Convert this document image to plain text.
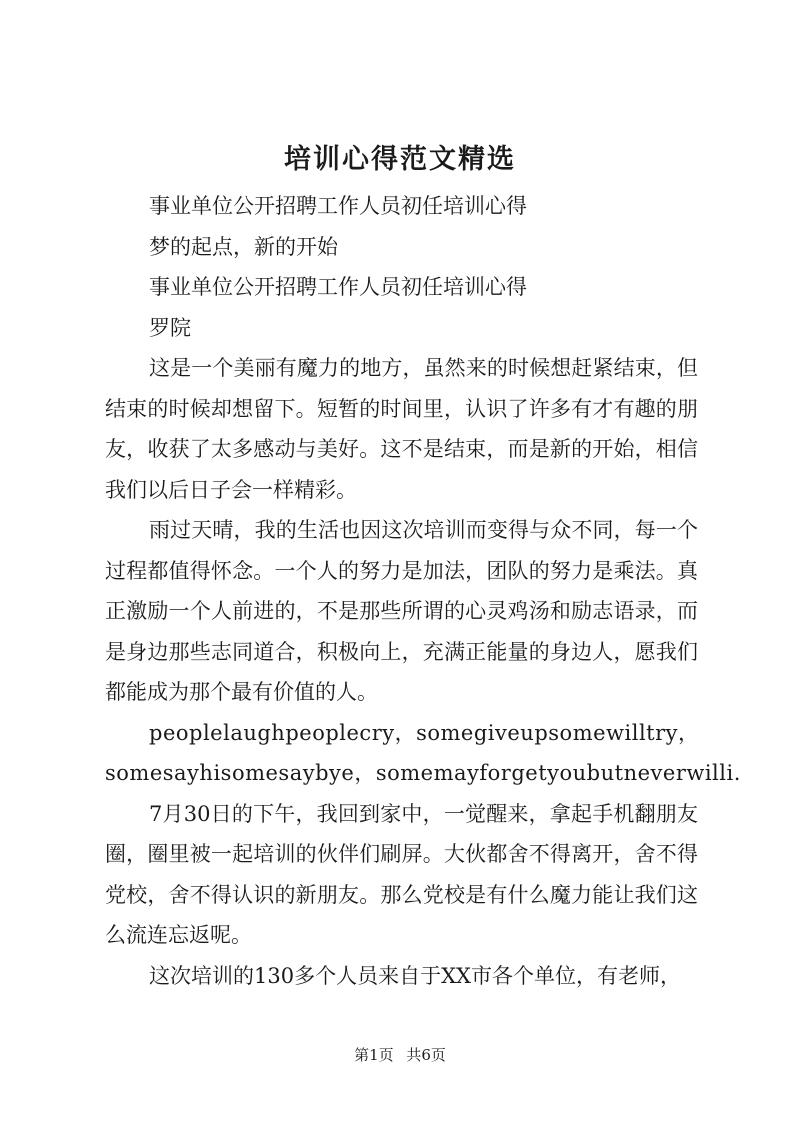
培训心得范文精选

事业单位公开招聘工作人员初任培训心得

梦的起点，新的开始

事业单位公开招聘工作人员初任培训心得

罗院

这是一个美丽有魔力的地方，虽然来的时候想赶紧结束，但结束的时候却想留下。短暂的时间里，认识了许多有才有趣的朋友，收获了太多感动与美好。这不是结束，而是新的开始，相信我们以后日子会一样精彩。

雨过天晴，我的生活也因这次培训而变得与众不同，每一个过程都值得怀念。一个人的努力是加法，团队的努力是乘法。真正激励一个人前进的，不是那些所谓的心灵鸡汤和励志语录，而是身边那些志同道合，积极向上，充满正能量的身边人，愿我们都能成为那个最有价值的人。

peoplelaughpeoplecry ， somegiveupsomewilltry ，

somesayhisomesaybye，somemayforgetyoubutneverwilli.

7月30日的下午，我回到家中，一觉醒来，拿起手机翻朋友圈，圈里被一起培训的伙伴们刷屏。大伙都舍不得离开，舍不得党校，舍不得认识的新朋友。那么党校是有什么魔力能让我们这么流连忘返呢。

这次培训的130多个人员来自于XX市各个单位，有老师，

第1页 共6页
